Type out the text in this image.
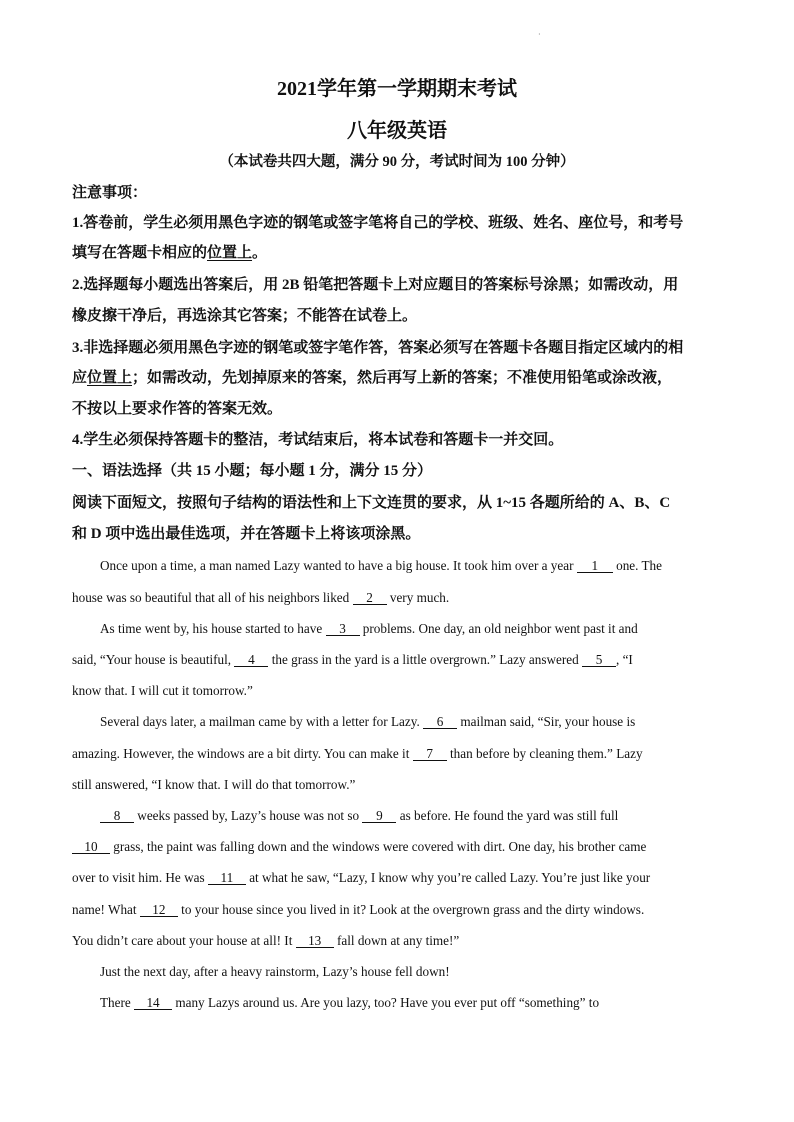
·
2021学年第一学期期末考试
八年级英语
（本试卷共四大题，满分 90 分，考试时间为 100 分钟）
注意事项：
1.答卷前，学生必须用黑色字迹的钢笔或签字笔将自己的学校、班级、姓名、座位号，和考号
填写在答题卡相应的位置上。
2.选择题每小题选出答案后，用 2B 铅笔把答题卡上对应题目的答案标号涂黑；如需改动，用
橡皮擦干净后，再选涂其它答案；不能答在试卷上。
3.非选择题必须用黑色字迹的钢笔或签字笔作答，答案必须写在答题卡各题目指定区域内的相
应位置上；如需改动，先划掉原来的答案，然后再写上新的答案；不准使用铅笔或涂改液，
不按以上要求作答的答案无效。
4.学生必须保持答题卡的整洁，考试结束后，将本试卷和答题卡一并交回。
一、语法选择（共 15 小题；每小题 1 分，满分 15 分）
阅读下面短文，按照句子结构的语法性和上下文连贯的要求，从 1~15 各题所给的 A、B、C
和 D 项中选出最佳选项，并在答题卡上将该项涂黑。
Once upon a time, a man named Lazy wanted to have a big house. It took him over a year 1 one. The
house was so beautiful that all of his neighbors liked 2 very much.
As time went by, his house started to have 3 problems. One day, an old neighbor went past it and
said, “Your house is beautiful, 4 the grass in the yard is a little overgrown.” Lazy answered 5 , “I
know that. I will cut it tomorrow.”
Several days later, a mailman came by with a letter for Lazy. 6 mailman said, “Sir, your house is
amazing. However, the windows are a bit dirty. You can make it 7 than before by cleaning them.” Lazy
still answered, “I know that. I will do that tomorrow.”
8 weeks passed by, Lazy’s house was not so 9 as before. He found the yard was still full
10 grass, the paint was falling down and the windows were covered with dirt. One day, his brother came
over to visit him. He was 11 at what he saw, “Lazy, I know why you’re called Lazy. You’re just like your
name! What 12 to your house since you lived in it? Look at the overgrown grass and the dirty windows.
You didn’t care about your house at all! It 13 fall down at any time!”
Just the next day, after a heavy rainstorm, Lazy’s house fell down!
There 14 many Lazys around us. Are you lazy, too? Have you ever put off “something” to
